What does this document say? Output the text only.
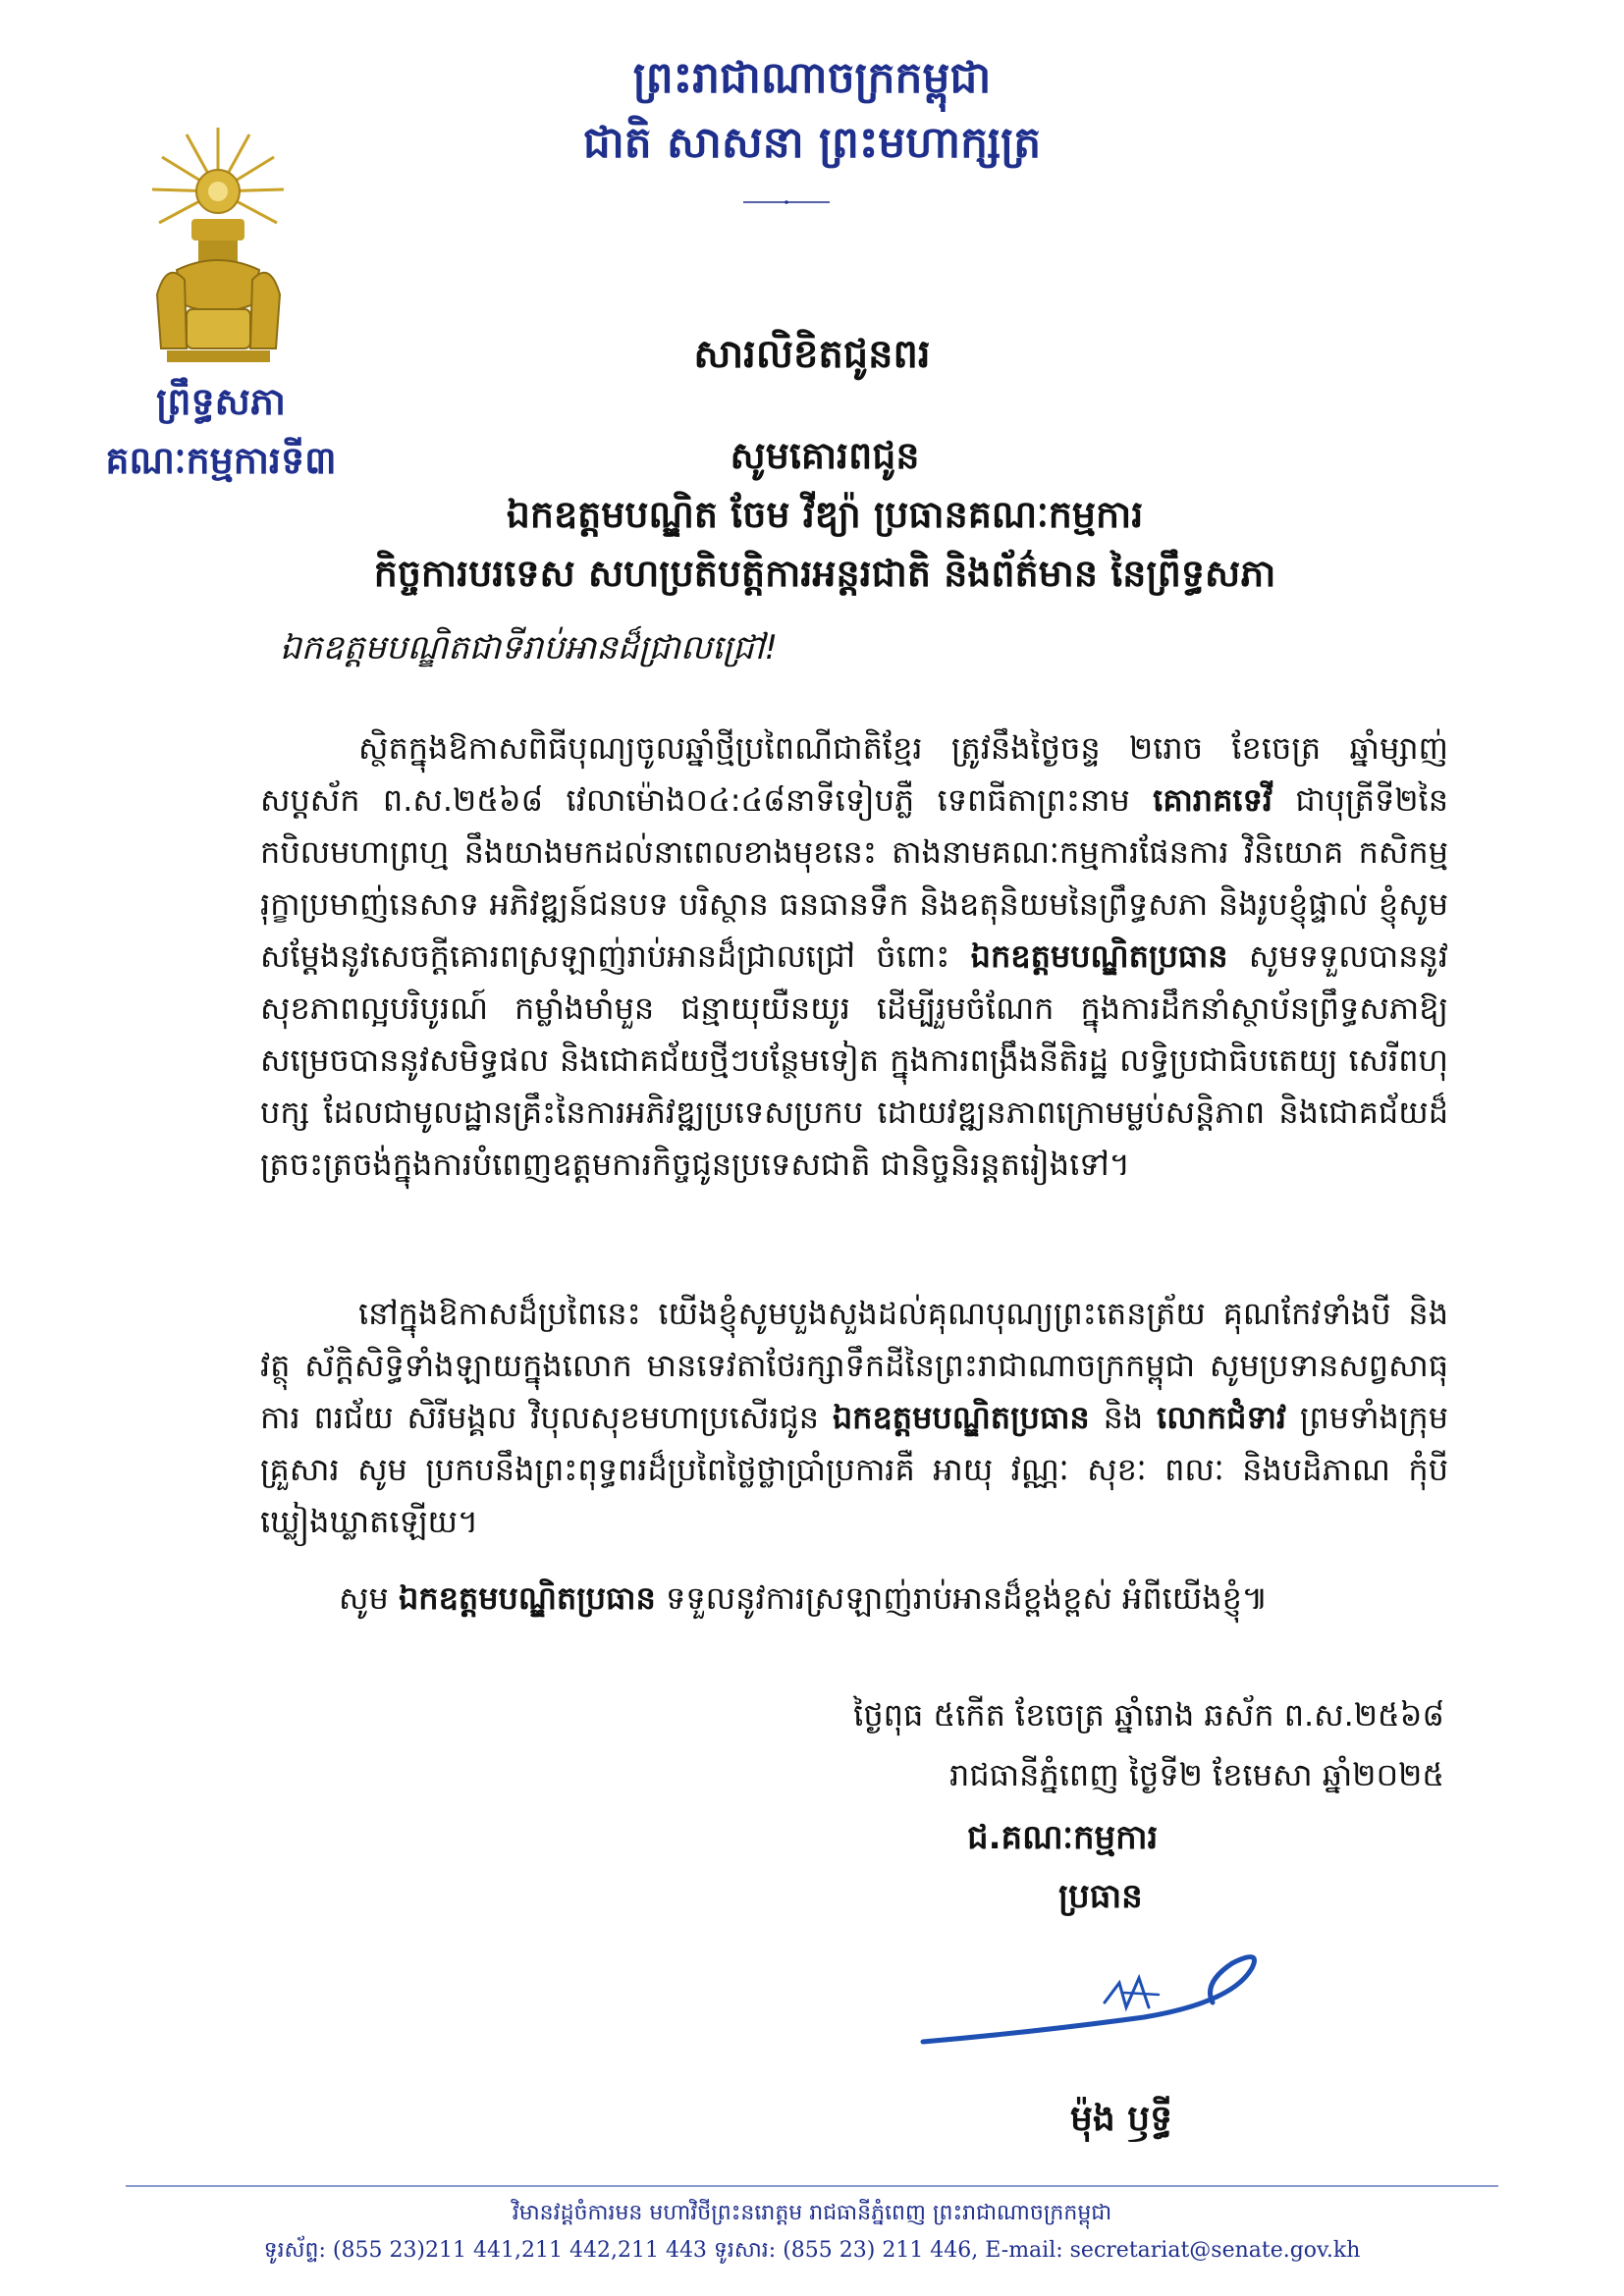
ព្រះរាជាណាចក្រកម្ពុជា
ជាតិ សាសនា ព្រះមហាក្សត្រ
ព្រឹទ្ធសភា
គណៈកម្មការទី៣
សារលិខិតជូនពរ
សូមគោរពជូន
ឯកឧត្តមបណ្ឌិត ចែម វីឌ្យ៉ា ប្រធានគណៈកម្មការ
កិច្ចការបរទេស សហប្រតិបត្តិការអន្តរជាតិ និងព័ត៌មាន នៃព្រឹទ្ធសភា
ឯកឧត្តមបណ្ឌិតជាទីរាប់អានដ៏ជ្រាលជ្រៅ!
ស្ថិតក្នុងឱកាសពិធីបុណ្យចូលឆ្នាំថ្មីប្រពៃណីជាតិខ្មែរ ត្រូវនឹងថ្ងៃចន្ទ ២រោច ខែចេត្រ ឆ្នាំម្សាញ់ សប្តស័ក ព.ស.២៥៦៨ វេលាម៉ោង០៤:៤៨នាទីទៀបភ្លឺ ទេពធីតាព្រះនាម គោរាគទេវី ជាបុត្រីទី២នៃកបិលមហាព្រហ្ម នឹងយាងមកដល់នាពេលខាងមុខនេះ តាងនាមគណៈកម្មការផែនការ វិនិយោគ កសិកម្ម រុក្ខាប្រមាញ់នេសាទ អភិវឌ្ឍន៍ជនបទ បរិស្ថាន ធនធានទឹក និងឧតុនិយមនៃព្រឹទ្ធសភា និងរូបខ្ញុំផ្ទាល់ ខ្ញុំសូមសម្តែងនូវសេចក្តីគោរពស្រឡាញ់រាប់អានដ៏ជ្រាលជ្រៅ ចំពោះ ឯកឧត្តមបណ្ឌិតប្រធាន សូមទទួលបាននូវសុខភាពល្អបរិបូរណ៍ កម្លាំងមាំមួន ជន្មាយុយឺនយូរ ដើម្បីរួមចំណែក ក្នុងការដឹកនាំស្ថាប័នព្រឹទ្ធសភាឱ្យសម្រេចបាននូវសមិទ្ធផល និងជោគជ័យថ្មីៗបន្ថែមទៀត ក្នុងការពង្រឹងនីតិរដ្ឋ លទ្ធិប្រជាធិបតេយ្យ សេរីពហុបក្ស ដែលជាមូលដ្ឋានគ្រឹះនៃការអភិវឌ្ឍប្រទេសប្រកប ដោយវឌ្ឍនភាពក្រោមម្លប់សន្តិភាព និងជោគជ័យដ៏ត្រចះត្រចង់ក្នុងការបំពេញឧត្តមការកិច្ចជូនប្រទេសជាតិ ជានិច្ចនិរន្តតរៀងទៅ។
នៅក្នុងឱកាសដ៏ប្រពៃនេះ យើងខ្ញុំសូមបួងសួងដល់គុណបុណ្យព្រះតេនត្រ័យ គុណកែវទាំងបី និងវត្ថុ ស័ក្តិសិទ្ធិទាំងឡាយក្នុងលោក មានទេវតាថែរក្សាទឹកដីនៃព្រះរាជាណាចក្រកម្ពុជា សូមប្រទានសព្វសាធុការ ពរជ័យ សិរីមង្គល វិបុលសុខមហាប្រសើរជូន ឯកឧត្តមបណ្ឌិតប្រធាន និង លោកជំទាវ ព្រមទាំងក្រុមគ្រួសារ សូម ប្រកបនឹងព្រះពុទ្ធពរដ៏ប្រពៃថ្លៃថ្លាប្រាំប្រការគឺ អាយុ វណ្ណៈ សុខៈ ពលៈ និងបដិភាណ កុំបីឃ្លៀងឃ្លាតឡើយ។
សូម ឯកឧត្តមបណ្ឌិតប្រធាន ទទួលនូវការស្រឡាញ់រាប់អានដ៏ខ្ពង់ខ្ពស់ អំពីយើងខ្ញុំ៕
ថ្ងៃពុធ ៥កើត ខែចេត្រ ឆ្នាំរោង ឆស័ក ព.ស.២៥៦៨
រាជធានីភ្នំពេញ ថ្ងៃទី២ ខែមេសា ឆ្នាំ២០២៥
ជ.គណៈកម្មការ
ប្រធាន
ម៉ុង ឫទ្ធី
វិមានវដ្ដចំការមន មហាវិថីព្រះនរោត្តម រាជធានីភ្នំពេញ ព្រះរាជាណាចក្រកម្ពុជា
ទូរស័ព្ទ: (855 23)211 441,211 442,211 443 ទូរសារ: (855 23) 211 446, E-mail: secretariat@senate.gov.kh
